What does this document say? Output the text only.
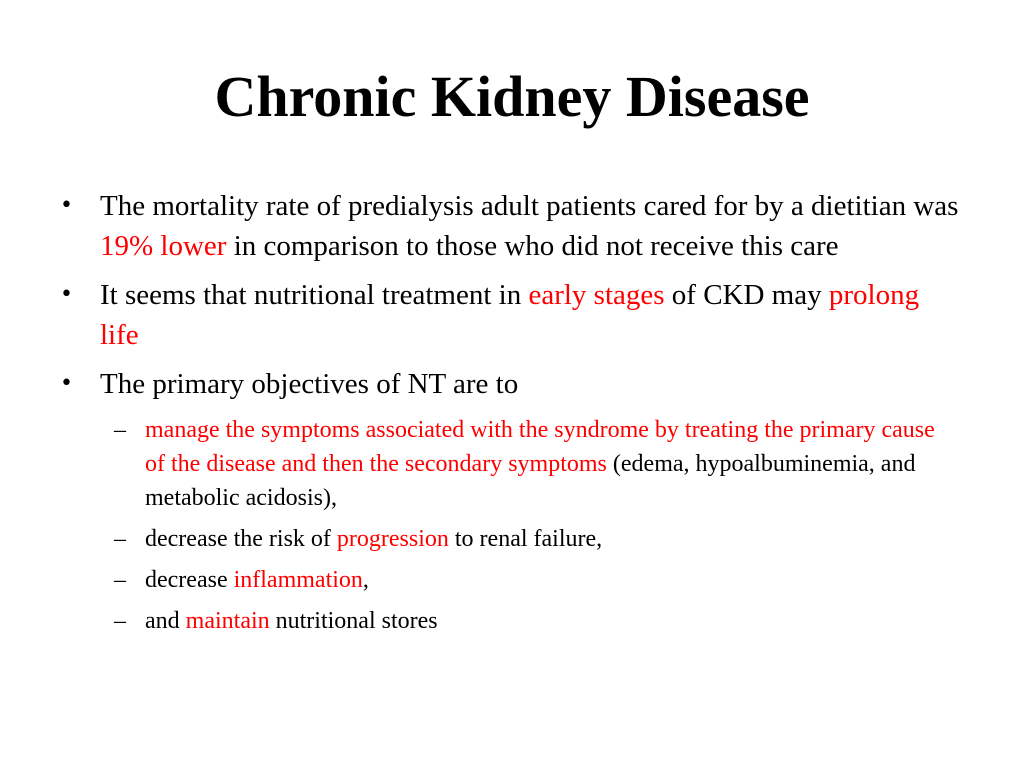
Chronic Kidney Disease
• The mortality rate of predialysis adult patients cared for by a dietitian was 19% lower in comparison to those who did not receive this care
• It seems that nutritional treatment in early stages of CKD may prolong life
• The primary objectives of NT are to
– manage the symptoms associated with the syndrome by treating the primary cause of the disease and then the secondary symptoms (edema, hypoalbuminemia, and metabolic acidosis),
– decrease the risk of progression to renal failure,
– decrease inflammation,
– and maintain nutritional stores
